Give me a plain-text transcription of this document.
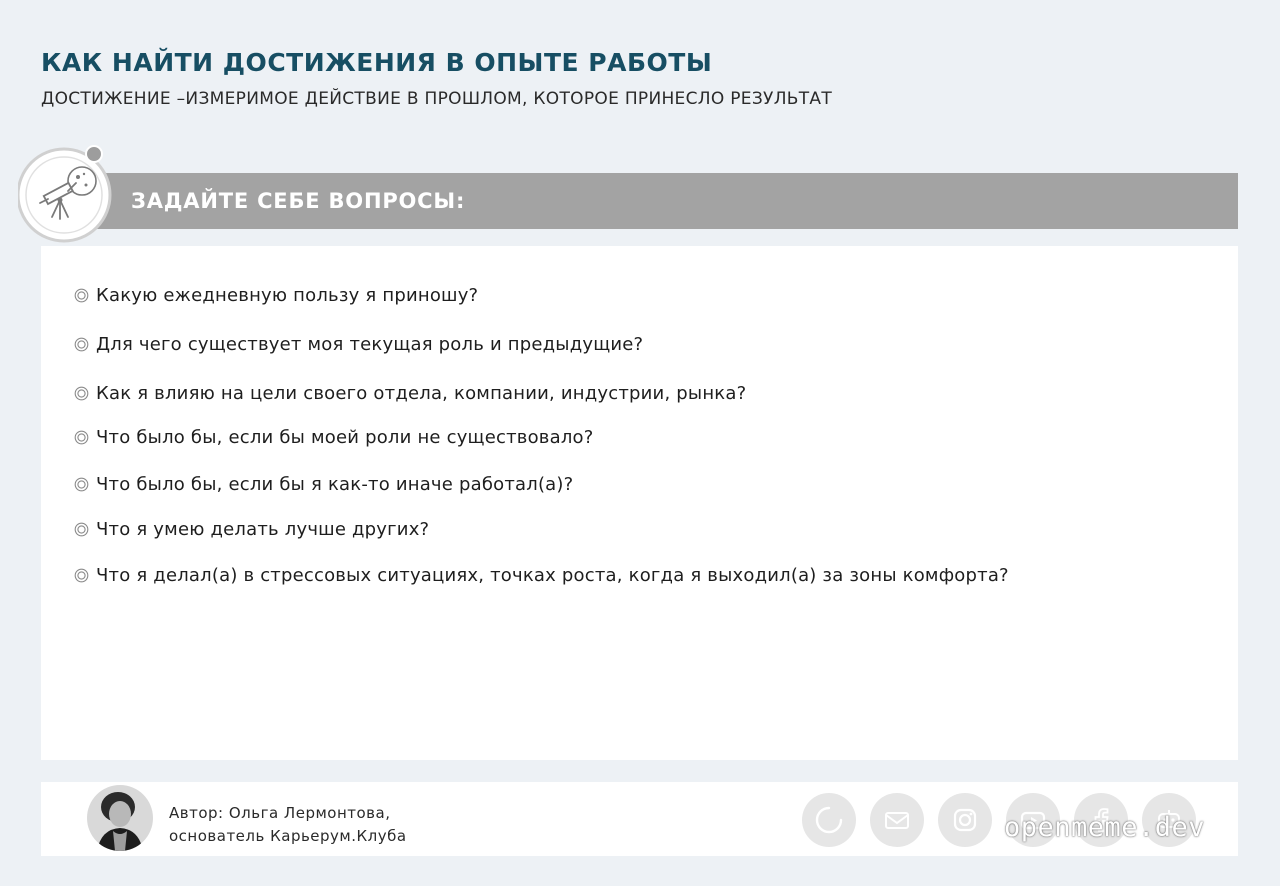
КАК НАЙТИ ДОСТИЖЕНИЯ В ОПЫТЕ РАБОТЫ
ДОСТИЖЕНИЕ –ИЗМЕРИМОЕ ДЕЙСТВИЕ В ПРОШЛОМ, КОТОРОЕ ПРИНЕСЛО РЕЗУЛЬТАТ
ЗАДАЙТЕ СЕБЕ ВОПРОСЫ:
Какую ежедневную пользу я приношу?
Для чего существует моя текущая роль и предыдущие?
Как я влияю на цели своего отдела, компании, индустрии, рынка?
Что было бы, если бы моей роли не существовало?
Что было бы, если бы я как-то иначе работал(а)?
Что я умею делать лучше других?
Что я делал(а) в стрессовых ситуациях, точках роста, когда я выходил(а) за зоны комфорта?
Автор: Ольга Лермонтова,
основатель Карьерум.Клуба	openmeme.dev
